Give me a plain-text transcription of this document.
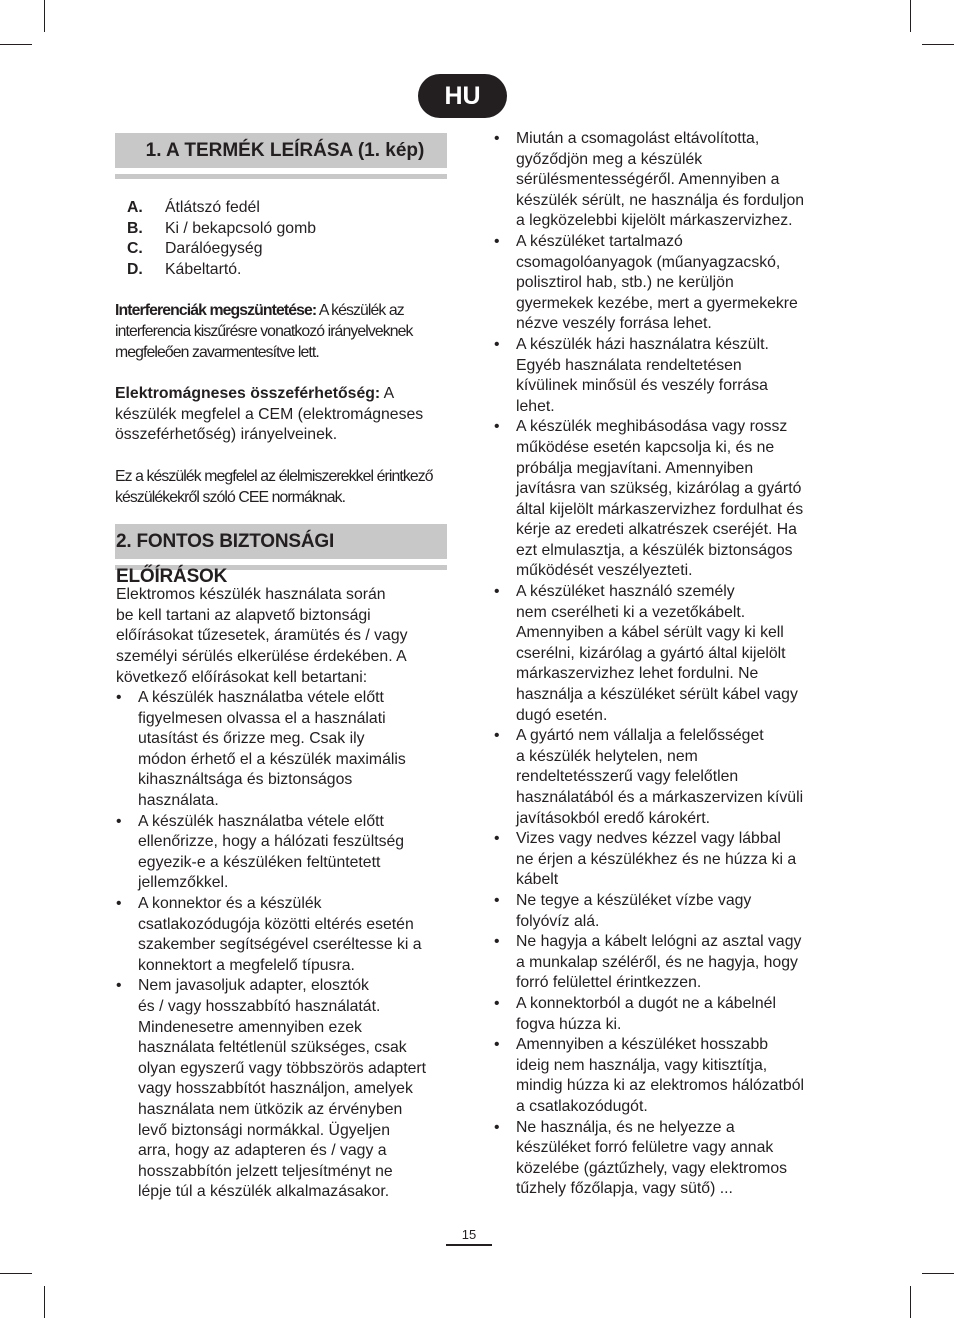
HU
1. A TERMÉK LEÍRÁSA (1. kép)
A.	Átlátszó fedél
B.	Ki / bekapcsoló gomb
C.	Darálóegység
D.	Kábeltartó.

Interferenciák megszüntetése: A készülék az interferencia kiszűrésre vonatkozó irányelveknek megfeleően zavarmentesítve lett.

Elektromágneses összeférhetőség: A készülék megfelel a CEM (elektromágneses összeférhetőség) irányelveinek.

Ez a készülék megfelel az élelmiszerekkel érintkező készülékekről szóló CEE normáknak.

2. FONTOS BIZTONSÁGI ELŐÍRÁSOK

Elektromos készülék használata során
be kell tartani az alapvető biztonsági
előírásokat tűzesetek, áramütés és / vagy
személyi sérülés elkerülése érdekében. A
következő előírásokat kell betartani:

•	A készülék használatba vétele előtt
figyelmesen olvassa el a használati
utasítást és őrizze meg. Csak ily
módon érhető el a készülék maximális
kihasználtsága és biztonságos
használata.
•	A készülék használatba vétele előtt
ellenőrizze, hogy a hálózati feszültség
egyezik-e a készüléken feltüntetett
jellemzőkkel.
•	A konnektor és a készülék
csatlakozódugója közötti eltérés esetén
szakember segítségével cseréltesse ki a
konnektort a megfelelő típusra.
•	Nem javasoljuk adapter, elosztók
és / vagy hosszabbító használatát.
Mindenesetre amennyiben ezek
használata feltétlenül szükséges, csak
olyan egyszerű vagy többszörös adaptert
vagy hosszabbítót használjon, amelyek
használata nem ütközik az érvényben
levő biztonsági normákkal. Ügyeljen
arra, hogy az adapteren és / vagy a
hosszabbítón jelzett teljesítményt ne
lépje túl a készülék alkalmazásakor.
•	Miután a csomagolást eltávolította,
győződjön meg a készülék
sérülésmentességéről. Amennyiben a
készülék sérült, ne használja és forduljon
a legközelebbi kijelölt márkaszervizhez.
•	A készüléket tartalmazó
csomagolóanyagok (műanyagzacskó,
polisztirol hab, stb.) ne kerüljön
gyermekek kezébe, mert a gyermekekre
nézve veszély forrása lehet.
•	A készülék házi használatra készült.
Egyéb használata rendeltetésen
kívülinek minősül és veszély forrása
lehet.
•	A készülék meghibásodása vagy rossz
működése esetén kapcsolja ki, és ne
próbálja megjavítani. Amennyiben
javításra van szükség, kizárólag a gyártó
által kijelölt márkaszervizhez fordulhat és
kérje az eredeti alkatrészek cseréjét. Ha
ezt elmulasztja, a készülék biztonságos
működését veszélyezteti.
•	A készüléket használó személy
nem cserélheti ki a vezetőkábelt.
Amennyiben a kábel sérült vagy ki kell
cserélni, kizárólag a gyártó által kijelölt
márkaszervizhez lehet fordulni. Ne
használja a készüléket sérült kábel vagy
dugó esetén.
•	A gyártó nem vállalja a felelősséget
a készülék helytelen, nem
rendeltetésszerű vagy felelőtlen
használatából és a márkaszervizen kívüli
javításokból eredő károkért.
•	Vizes vagy nedves kézzel vagy lábbal
ne érjen a készülékhez és ne húzza ki a
kábelt
•	Ne tegye a készüléket vízbe vagy
folyóvíz alá.
•	Ne hagyja a kábelt lelógni az asztal vagy
a munkalap széléről, és ne hagyja, hogy
forró felülettel érintkezzen.
•	A konnektorból a dugót ne a kábelnél
fogva húzza ki.
•	Amennyiben a készüléket hosszabb
ideig nem használja, vagy kitisztítja,
mindig húzza ki az elektromos hálózatból
a csatlakozódugót.
•	Ne használja, és ne helyezze a
készüléket forró felületre vagy annak
közelébe (gáztűzhely, vagy elektromos
tűzhely főzőlapja, vagy sütő) ...
15
